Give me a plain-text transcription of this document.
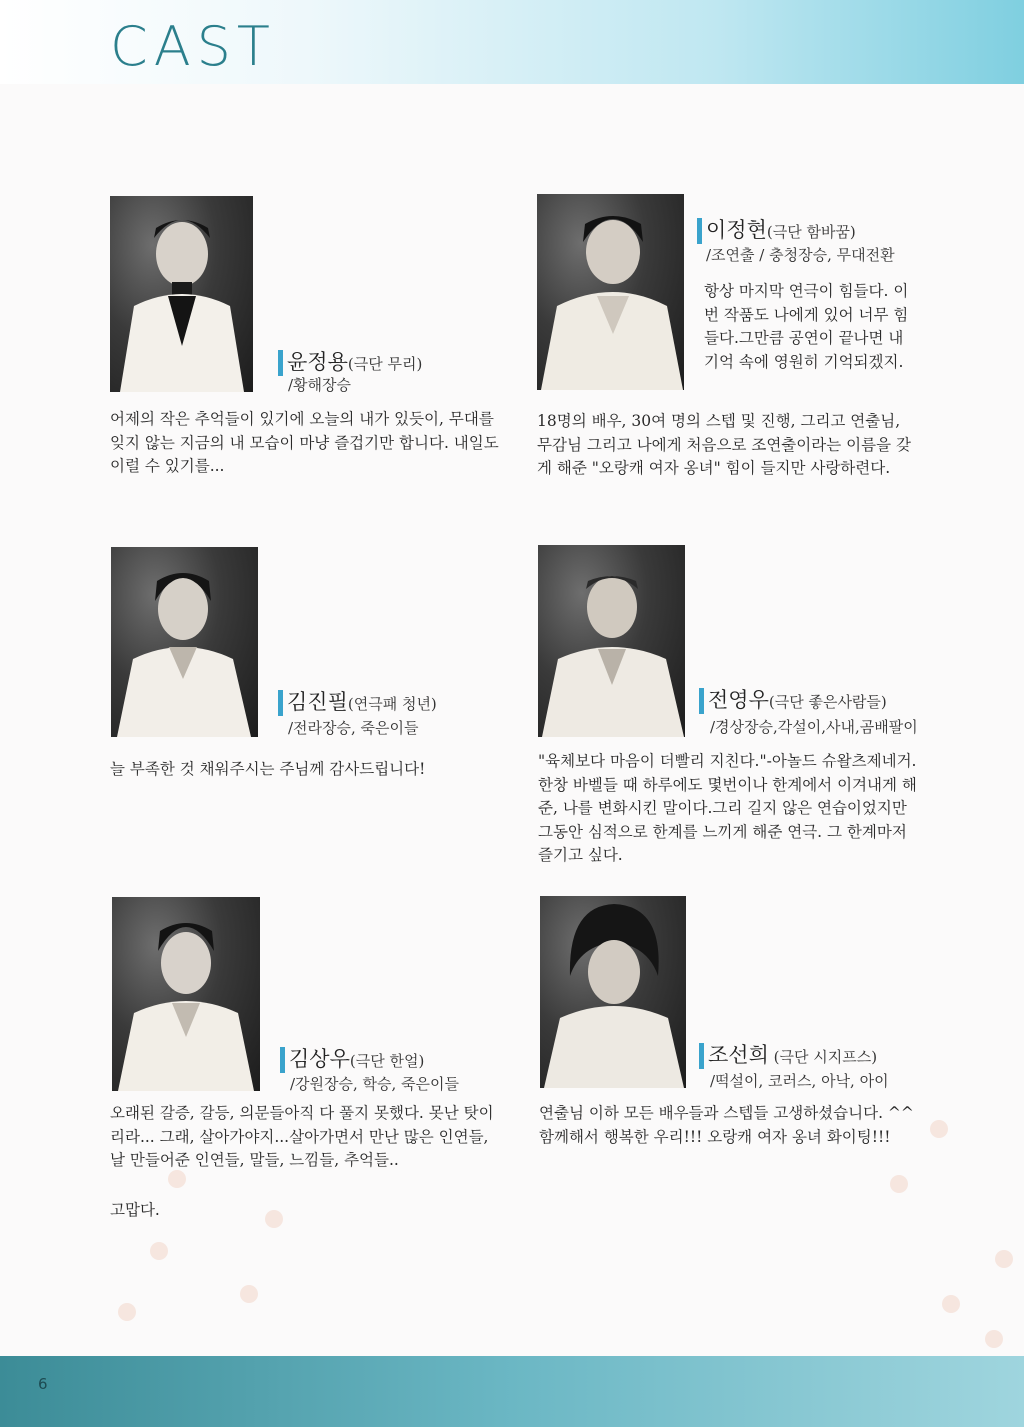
CAST
윤정용(극단 무리)
/황해장승

어제의 작은 추억들이 있기에 오늘의 내가 있듯이, 무대를 잊지 않는 지금의 내 모습이 마냥 즐겁기만 합니다. 내일도 이럴 수 있기를...

이정현(극단 함바꿈)
/조연출 / 충청장승, 무대전환

항상 마지막 연극이 힘들다. 이번 작품도 나에게 있어 너무 힘들다.그만큼 공연이 끝나면 내 기억 속에 영원히 기억되겠지.

18명의 배우, 30여 명의 스텝 및 진행, 그리고 연출님, 무감님 그리고 나에게 처음으로 조연출이라는 이름을 갖게 해준 "오랑캐 여자 옹녀" 힘이 들지만 사랑하련다.

김진필(연극패 청년)
/전라장승, 죽은이들

늘 부족한 것 채워주시는 주님께 감사드립니다!

전영우(극단 좋은사람들)
/경상장승,각설이,사내,곰배팔이

"육체보다 마음이 더빨리 지친다."-아놀드 슈왈츠제네거. 한창 바벨들 때 하루에도 몇번이나 한계에서 이겨내게 해준, 나를 변화시킨 말이다.그리 길지 않은 연습이었지만 그동안 심적으로 한계를 느끼게 해준 연극. 그 한계마저 즐기고 싶다.

김상우(극단 한얼)
/강원장승, 학승, 죽은이들

오래된 갈증, 갈등, 의문들아직 다 풀지 못했다. 못난 탓이리라... 그래, 살아가야지...살아가면서 만난 많은 인연들, 날 만들어준 인연들, 말들, 느낌들, 추억들..

고맙다.

조선희 (극단 시지프스)
/떡설이, 코러스, 아낙, 아이

연출님 이하 모든 배우들과 스텝들 고생하셨습니다. ^^함께해서 행복한 우리!!! 오랑캐 여자 옹녀 화이팅!!!

6
